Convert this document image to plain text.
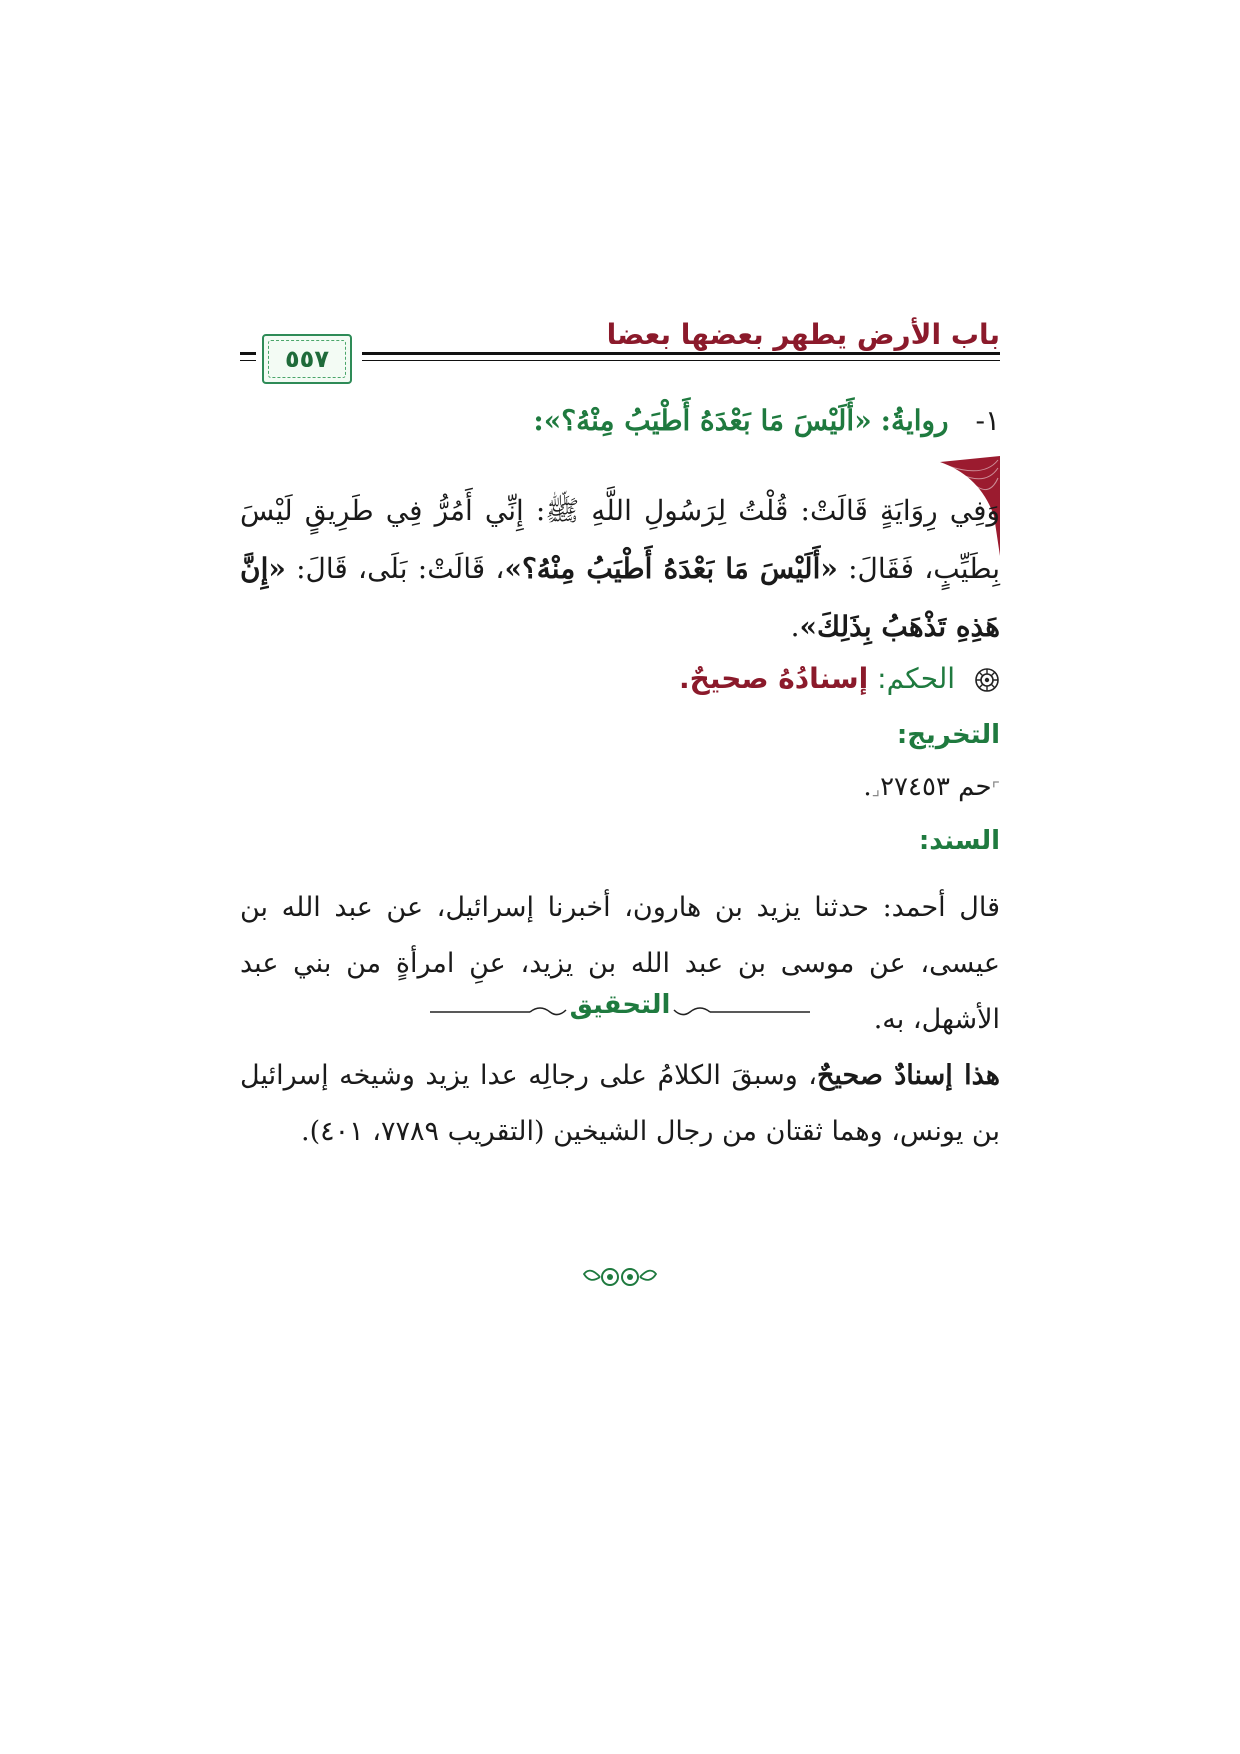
باب الأرض يطهر بعضها بعضا
٥٥٧
١- روايةُ: «أَلَيْسَ مَا بَعْدَهُ أَطْيَبُ مِنْهُ؟»:
وَفِي رِوَايَةٍ قَالَتْ: قُلْتُ لِرَسُولِ اللَّهِ ﷺ: إِنِّي أَمُرُّ فِي طَرِيقٍ لَيْسَ بِطَيِّبٍ، فَقَالَ: «أَلَيْسَ مَا بَعْدَهُ أَطْيَبُ مِنْهُ؟»، قَالَتْ: بَلَى، قَالَ: «إِنَّ هَذِهِ تَذْهَبُ بِذَلِكَ».
الحكم: إسنادُهُ صحيحٌ.
التخريج:
⌜حم ٢٧٤٥٣⌟.
السند:
قال أحمد: حدثنا يزيد بن هارون، أخبرنا إسرائيل، عن عبد الله بن عيسى، عن موسى بن عبد الله بن يزيد، عنِ امرأةٍ من بني عبد الأشهل، به.
التحقيق
هذا إسنادٌ صحيحٌ، وسبقَ الكلامُ على رجالِه عدا يزيد وشيخه إسرائيل بن يونس، وهما ثقتان من رجال الشيخين (التقريب ٧٧٨٩، ٤٠١).
